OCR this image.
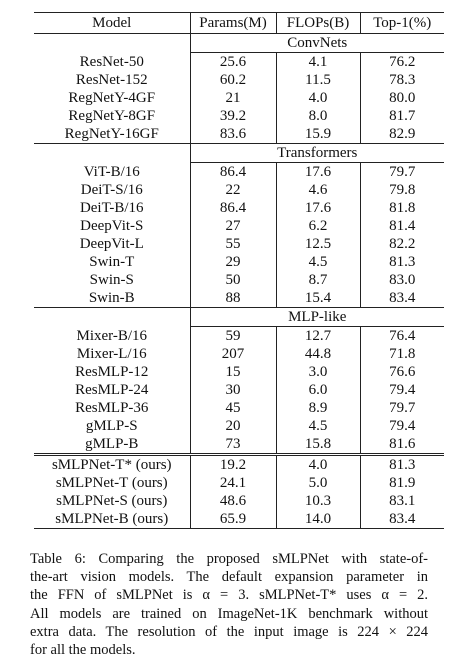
Model	Params(M)	FLOPs(B)	Top-1(%)
	ConvNets		
ResNet-50	25.6	4.1	76.2
ResNet-152	60.2	11.5	78.3
RegNetY-4GF	21	4.0	80.0
RegNetY-8GF	39.2	8.0	81.7
RegNetY-16GF	83.6	15.9	82.9
	Transformers		
ViT-B/16	86.4	17.6	79.7
DeiT-S/16	22	4.6	79.8
DeiT-B/16	86.4	17.6	81.8
DeepVit-S	27	6.2	81.4
DeepVit-L	55	12.5	82.2
Swin-T	29	4.5	81.3
Swin-S	50	8.7	83.0
Swin-B	88	15.4	83.4
	MLP-like		
Mixer-B/16	59	12.7	76.4
Mixer-L/16	207	44.8	71.8
ResMLP-12	15	3.0	76.6
ResMLP-24	30	6.0	79.4
ResMLP-36	45	8.9	79.7
gMLP-S	20	4.5	79.4
gMLP-B	73	15.8	81.6
sMLPNet-T* (ours)	19.2	4.0	81.3
sMLPNet-T (ours)	24.1	5.0	81.9
sMLPNet-S (ours)	48.6	10.3	83.1
sMLPNet-B (ours)	65.9	14.0	83.4
Table 6: Comparing the proposed sMLPNet with state-of-
the-art vision models. The default expansion parameter in
the FFN of sMLPNet is α = 3. sMLPNet-T* uses α = 2.
All models are trained on ImageNet-1K benchmark without
extra data. The resolution of the input image is 224 × 224
for all the models.
